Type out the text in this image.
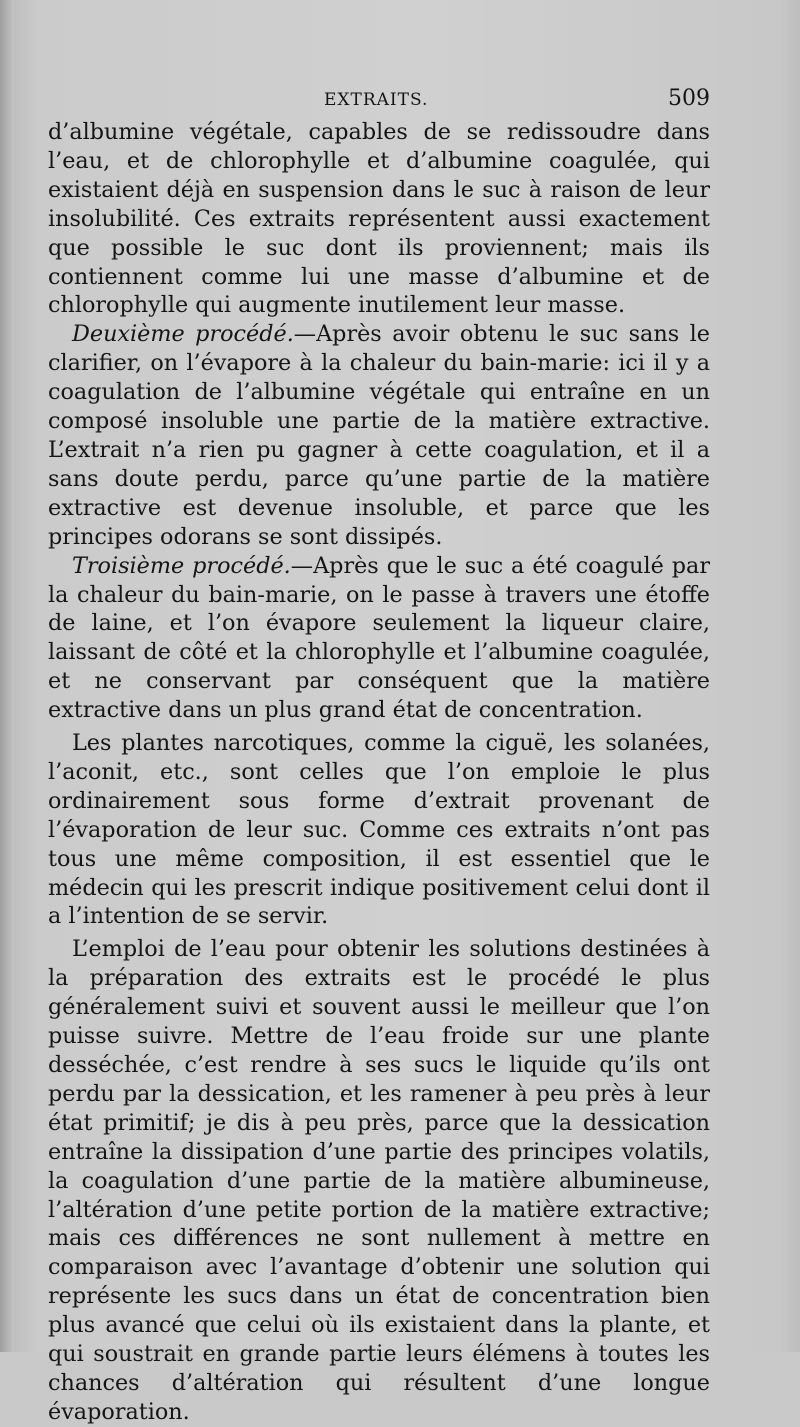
EXTRAITS.	509

d’albumine végétale, capables de se redissoudre dans l’eau, et de chlorophylle et d’albumine coagulée, qui existaient déjà en suspension dans le suc à raison de leur insolubilité. Ces extraits représentent aussi exactement que possible le suc dont ils proviennent; mais ils contiennent comme lui une masse d’albumine et de chlorophylle qui augmente inutilement leur masse.

Deuxième procédé.—Après avoir obtenu le suc sans le clarifier, on l’évapore à la chaleur du bain-marie: ici il y a coagulation de l’albumine végétale qui entraîne en un composé insoluble une partie de la matière extractive. L’extrait n’a rien pu gagner à cette coagulation, et il a sans doute perdu, parce qu’une partie de la matière extractive est devenue insoluble, et parce que les principes odorans se sont dissipés.

Troisième procédé.—Après que le suc a été coagulé par la chaleur du bain-marie, on le passe à travers une étoffe de laine, et l’on évapore seulement la liqueur claire, laissant de côté et la chlorophylle et l’albumine coagulée, et ne conservant par conséquent que la matière extractive dans un plus grand état de concentration.

Les plantes narcotiques, comme la ciguë, les solanées, l’aconit, etc., sont celles que l’on emploie le plus ordinairement sous forme d’extrait provenant de l’évaporation de leur suc. Comme ces extraits n’ont pas tous une même composition, il est essentiel que le médecin qui les prescrit indique positivement celui dont il a l’intention de se servir.

L’emploi de l’eau pour obtenir les solutions destinées à la préparation des extraits est le procédé le plus généralement suivi et souvent aussi le meilleur que l’on puisse suivre. Mettre de l’eau froide sur une plante desséchée, c’est rendre à ses sucs le liquide qu’ils ont perdu par la dessication, et les ramener à peu près à leur état primitif; je dis à peu près, parce que la dessication entraîne la dissipation d’une partie des principes volatils, la coagulation d’une partie de la matière albumineuse, l’altération d’une petite portion de la matière extractive; mais ces différences ne sont nullement à mettre en comparaison avec l’avantage d’obtenir une solution qui représente les sucs dans un état de concentration bien plus avancé que celui où ils existaient dans la plante, et qui soustrait en grande partie leurs élémens à toutes les chances d’altération qui résultent d’une longue évaporation.
